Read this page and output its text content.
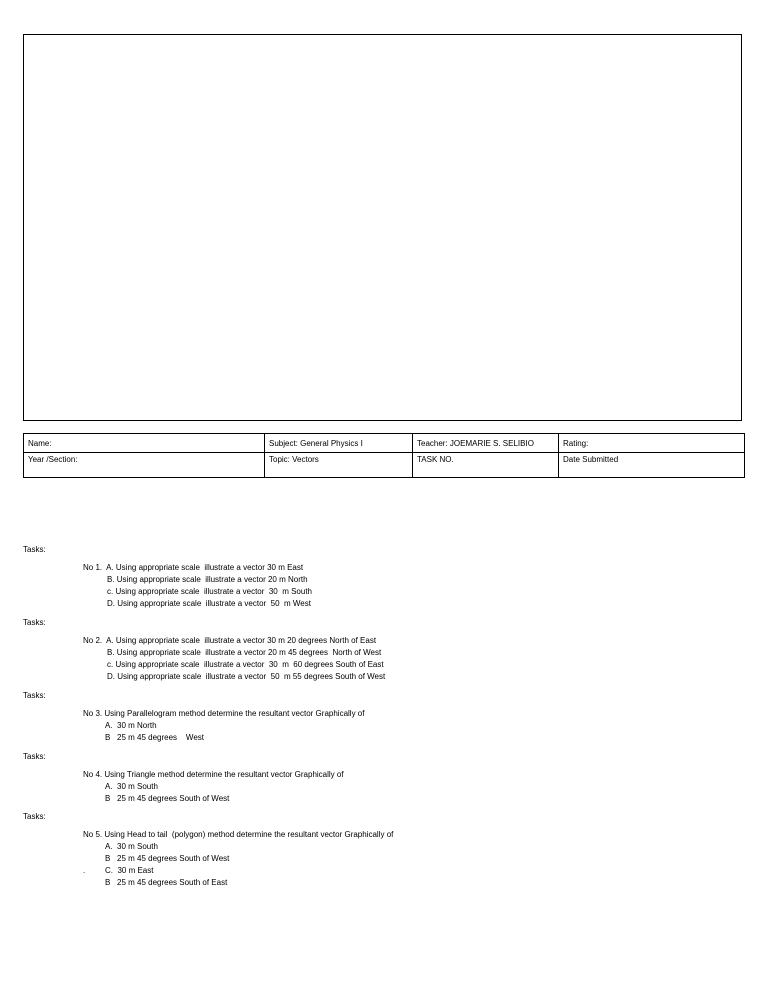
Name:	Subject: General Physics I	Teacher: JOEMARIE S. SELIBIO	Rating:
Year /Section:	Topic: Vectors	TASK NO.	Date Submitted
Tasks:
No 1.  A. Using appropriate scale  illustrate a vector 30 m East
B. Using appropriate scale  illustrate a vector 20 m North
c. Using appropriate scale  illustrate a vector  30  m South
D. Using appropriate scale  illustrate a vector  50  m West
Tasks:
No 2.  A. Using appropriate scale  illustrate a vector 30 m 20 degrees North of East
B. Using appropriate scale  illustrate a vector 20 m 45 degrees  North of West
c. Using appropriate scale  illustrate a vector  30  m  60 degrees South of East
D. Using appropriate scale  illustrate a vector  50  m 55 degrees South of West
Tasks:
No 3. Using Parallelogram method determine the resultant vector Graphically of
A.  30 m North
B   25 m 45 degrees    West
Tasks:
No 4. Using Triangle method determine the resultant vector Graphically of
A.  30 m South
B   25 m 45 degrees South of West
Tasks:
No 5. Using Head to tail  (polygon) method determine the resultant vector Graphically of
A.  30 m South
B   25 m 45 degrees South of West
. C.  30 m East
B   25 m 45 degrees South of East
